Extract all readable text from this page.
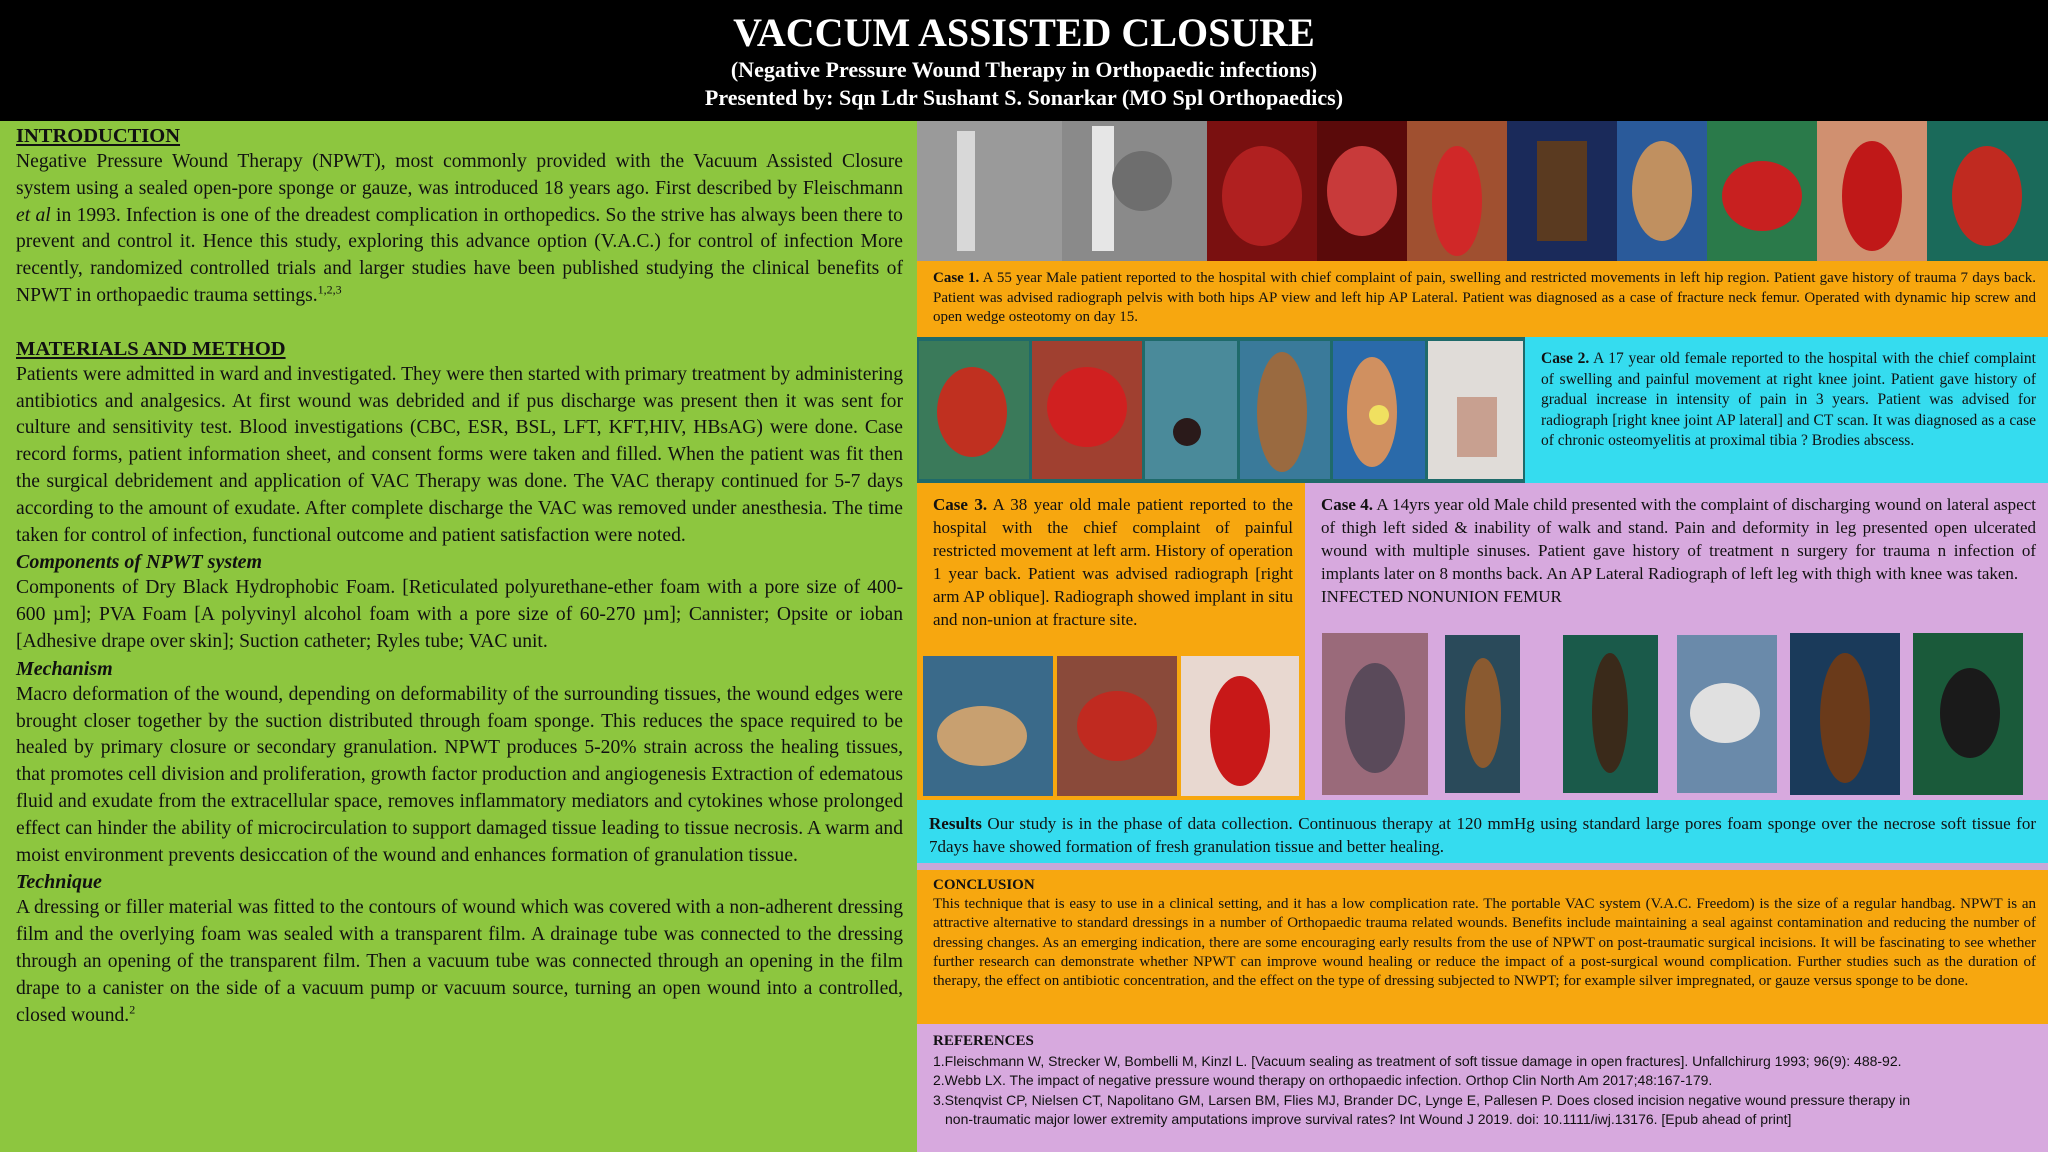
VACCUM ASSISTED CLOSURE
(Negative Pressure Wound Therapy in Orthopaedic infections)
Presented by: Sqn Ldr Sushant S. Sonarkar (MO Spl Orthopaedics)
INTRODUCTION

Negative Pressure Wound Therapy (NPWT), most commonly provided with the Vacuum Assisted Closure system using a sealed open-pore sponge or gauze, was introduced 18 years ago. First described by Fleischmann et al in 1993. Infection is one of the dreadest complication in orthopedics. So the strive has always been there to prevent and control it. Hence this study, exploring this advance option (V.A.C.) for control of infection More recently, randomized controlled trials and larger studies have been published studying the clinical benefits of NPWT in orthopaedic trauma settings.$^{1,2,3}$

MATERIALS AND METHOD

Patients were admitted in ward and investigated. They were then started with primary treatment by administering antibiotics and analgesics. At first wound was debrided and if pus discharge was present then it was sent for culture and sensitivity test. Blood investigations (CBC, ESR, BSL, LFT, KFT,HIV, HBsAG) were done. Case record forms, patient information sheet, and consent forms were taken and filled. When the patient was fit then the surgical debridement and application of VAC Therapy was done. The VAC therapy continued for 5-7 days according to the amount of exudate. After complete discharge the VAC was removed under anesthesia. The time taken for control of infection, functional outcome and patient satisfaction were noted.

Components of NPWT system

Components of Dry Black Hydrophobic Foam. [Reticulated polyurethane-ether foam with a pore size of 400-600 µm]; PVA Foam [A polyvinyl alcohol foam with a pore size of 60-270 µm]; Cannister; Opsite or ioban [Adhesive drape over skin]; Suction catheter; Ryles tube; VAC unit.

Mechanism

Macro deformation of the wound, depending on deformability of the surrounding tissues, the wound edges were brought closer together by the suction distributed through foam sponge. This reduces the space required to be healed by primary closure or secondary granulation. NPWT produces 5-20% strain across the healing tissues, that promotes cell division and proliferation, growth factor production and angiogenesis Extraction of edematous fluid and exudate from the extracellular space, removes inflammatory mediators and cytokines whose prolonged effect can hinder the ability of microcirculation to support damaged tissue leading to tissue necrosis. A warm and moist environment prevents desiccation of the wound and enhances formation of granulation tissue.

Technique

A dressing or filler material was fitted to the contours of wound which was covered with a non-adherent dressing film and the overlying foam was sealed with a transparent film. A drainage tube was connected to the dressing through an opening of the transparent film. Then a vacuum tube was connected through an opening in the film drape to a canister on the side of a vacuum pump or vacuum source, turning an open wound into a controlled, closed wound.$^2$

Case 1. A 55 year Male patient reported to the hospital with chief complaint of pain, swelling and restricted movements in left hip region. Patient gave history of trauma 7 days back. Patient was advised radiograph pelvis with both hips AP view and left hip AP Lateral. Patient was diagnosed as a case of fracture neck femur. Operated with dynamic hip screw and open wedge osteotomy on day 15.
Case 2. A 17 year old female reported to the hospital with the chief complaint of swelling and painful movement at right knee joint. Patient gave history of gradual increase in intensity of pain in 3 years. Patient was advised for radiograph [right knee joint AP lateral] and CT scan. It was diagnosed as a case of chronic osteomyelitis at proximal tibia ? Brodies abscess.
Case 3. A 38 year old male patient reported to the hospital with the chief complaint of painful restricted movement at left arm. History of operation 1 year back. Patient was advised radiograph [right arm AP oblique]. Radiograph showed implant in situ and non-union at fracture site.
Case 4. A 14yrs year old Male child presented with the complaint of discharging wound on lateral aspect of thigh left sided & inability of walk and stand. Pain and deformity in leg presented open ulcerated wound with multiple sinuses. Patient gave history of treatment n surgery for trauma n infection of implants later on 8 months back. An AP Lateral Radiograph of left leg with thigh with knee was taken.
INFECTED NONUNION FEMUR
Results Our study is in the phase of data collection. Continuous therapy at 120 mmHg using standard large pores foam sponge over the necrose soft tissue for 7days have showed formation of fresh granulation tissue and better healing.
CONCLUSION
This technique that is easy to use in a clinical setting, and it has a low complication rate. The portable VAC system (V.A.C. Freedom) is the size of a regular handbag. NPWT is an attractive alternative to standard dressings in a number of Orthopaedic trauma related wounds. Benefits include maintaining a seal against contamination and reducing the number of dressing changes. As an emerging indication, there are some encouraging early results from the use of NPWT on post-traumatic surgical incisions. It will be fascinating to see whether further research can demonstrate whether NPWT can improve wound healing or reduce the impact of a post-surgical wound complication. Further studies such as the duration of therapy, the effect on antibiotic concentration, and the effect on the type of dressing subjected to NWPT; for example silver impregnated, or gauze versus sponge to be done.
REFERENCES
1.Fleischmann W, Strecker W, Bombelli M, Kinzl L. [Vacuum sealing as treatment of soft tissue damage in open fractures]. Unfallchirurg 1993; 96(9): 488-92.
2.Webb LX. The impact of negative pressure wound therapy on orthopaedic infection. Orthop Clin North Am 2017;48:167-179.
3.Stenqvist CP, Nielsen CT, Napolitano GM, Larsen BM, Flies MJ, Brander DC, Lynge E, Pallesen P. Does closed incision negative wound pressure therapy in
non-traumatic major lower extremity amputations improve survival rates? Int Wound J 2019. doi: 10.1111/iwj.13176. [Epub ahead of print]
